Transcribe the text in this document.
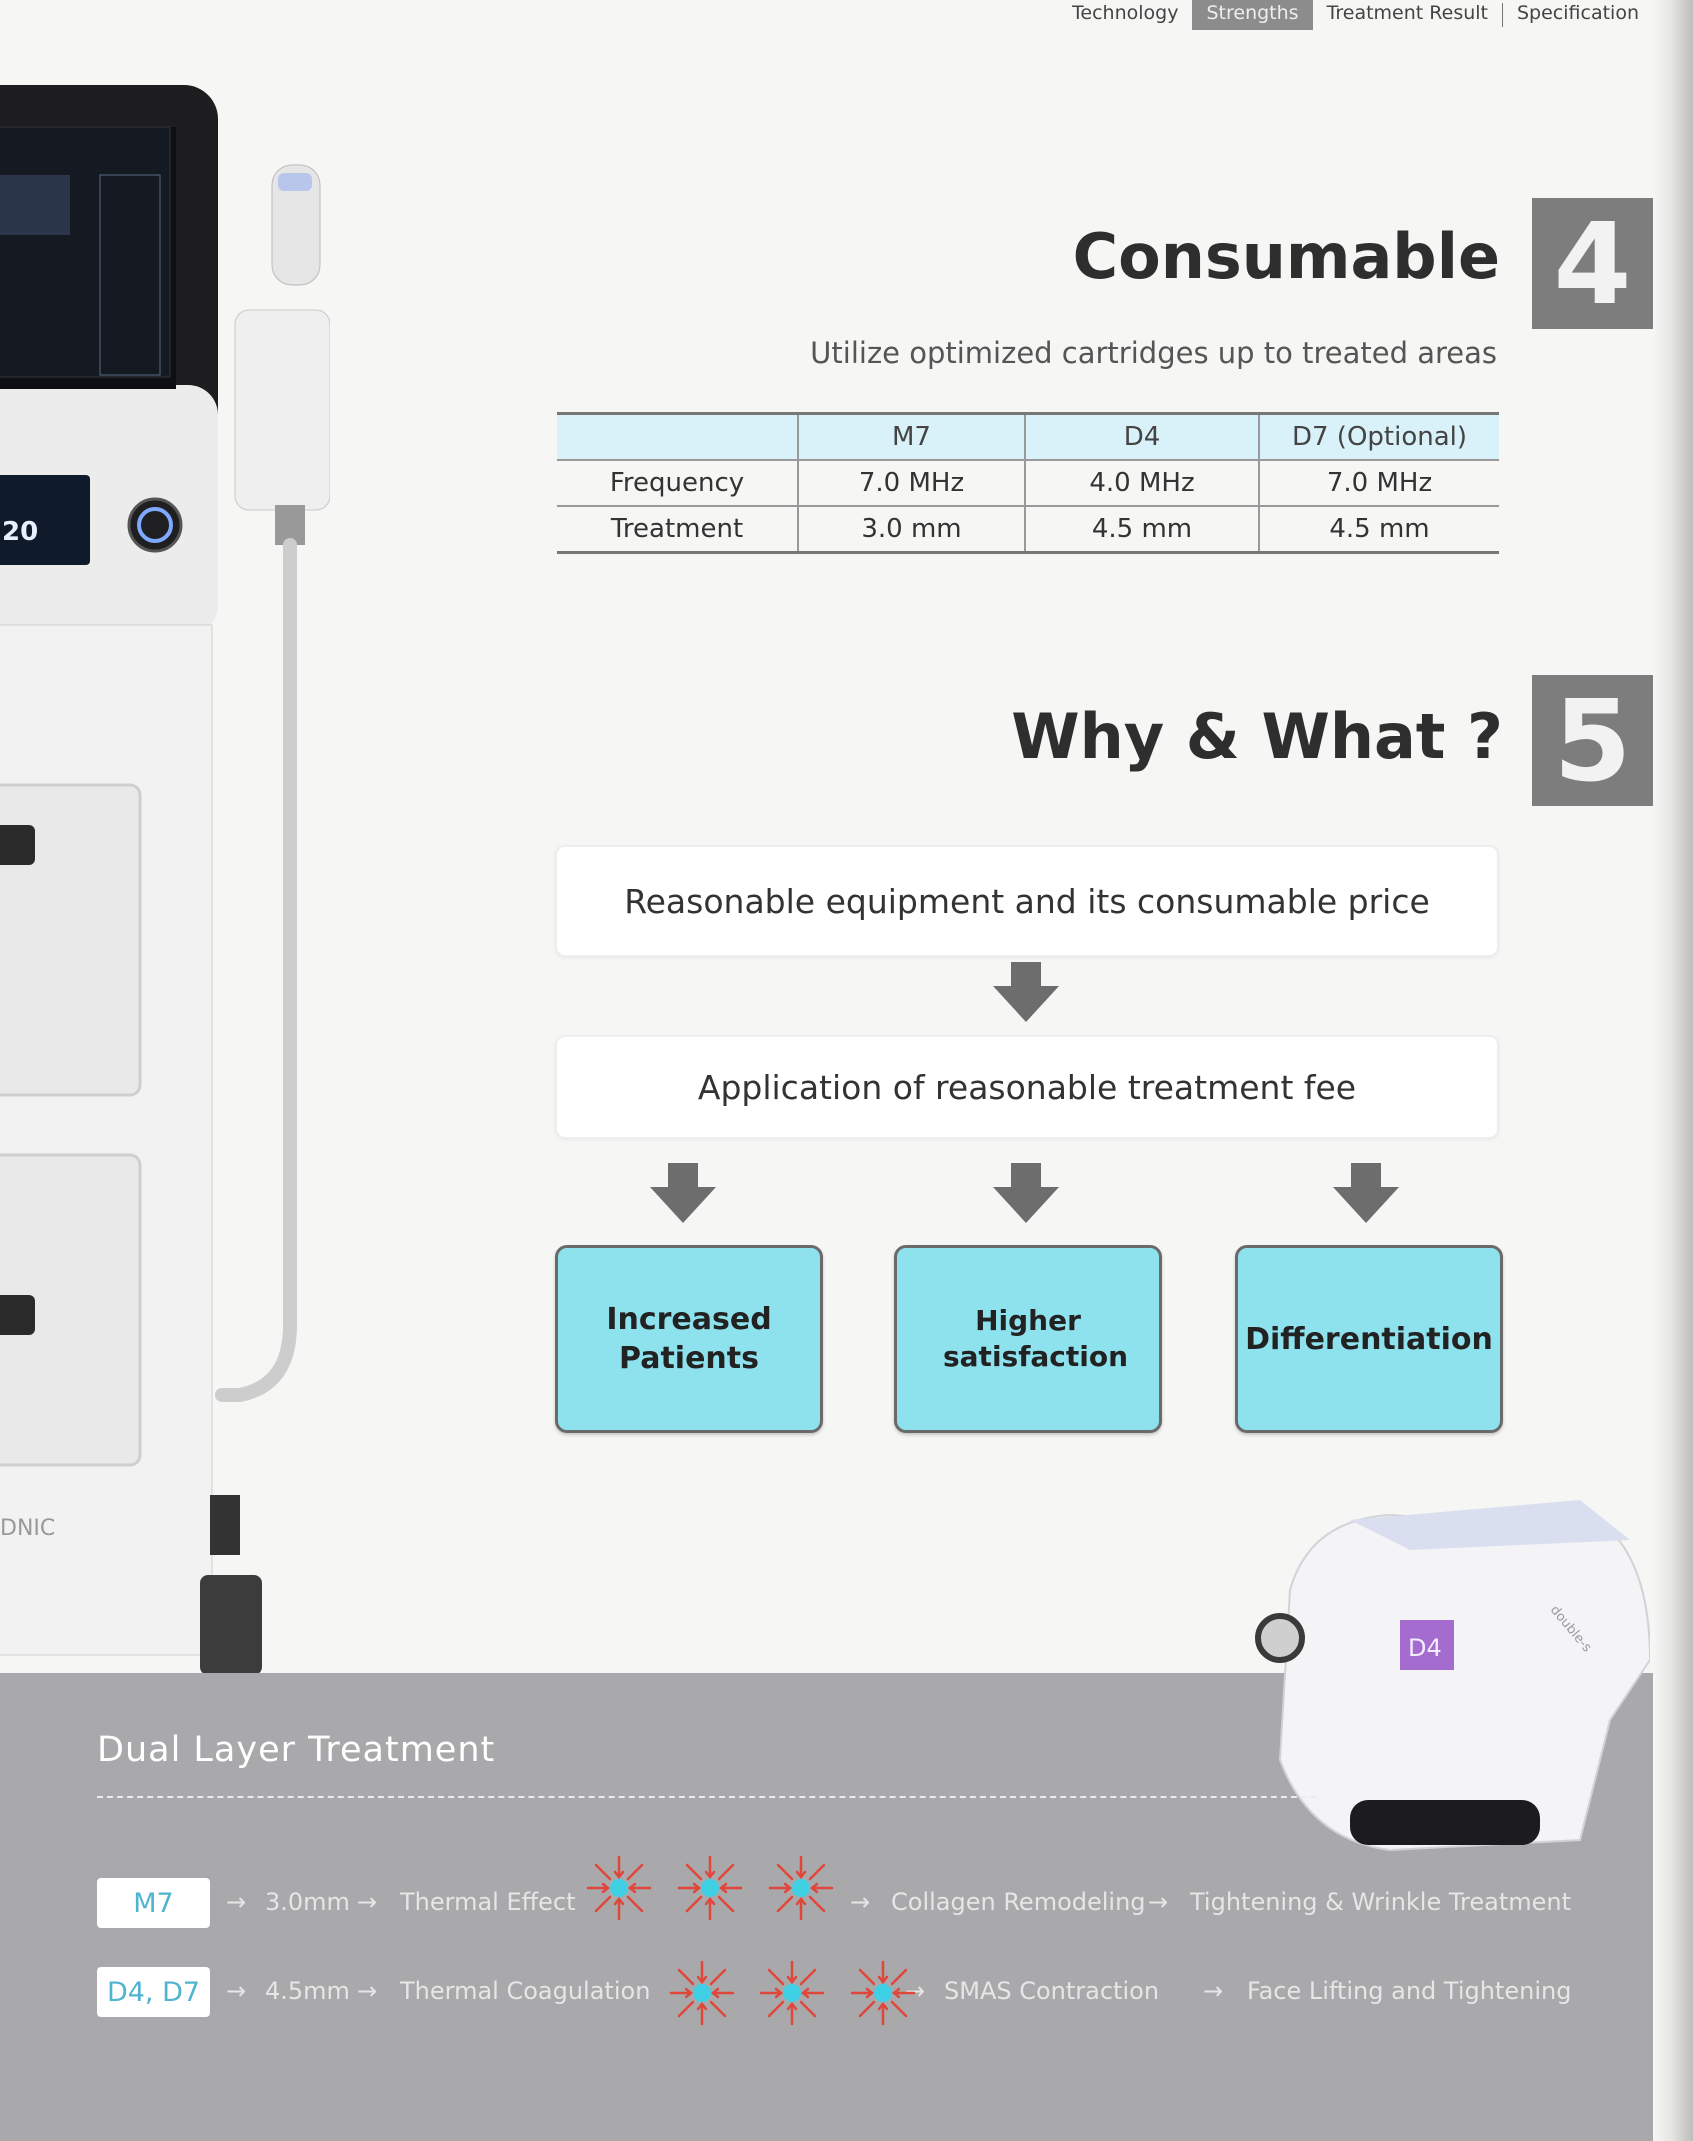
Technology	Strengths	Treatment Result	Specification
20
DNIC
Consumable 4
Utilize optimized cartridges up to treated areas
	M7	D4	D7 (Optional)
Frequency	7.0 MHz	4.0 MHz	7.0 MHz
Treatment	3.0 mm	4.5 mm	4.5 mm
Why & What ? 5
Reasonable equipment and its consumable price
Application of reasonable treatment fee
Increased Patients
Higher satisfaction	Differentiation
D4	double-s
Dual Layer Treatment
M7 → 3.0mm → Thermal Effect	→ Collagen Remodeling → Tightening & Wrinkle Treatment
D4, D7 → 4.5mm → Thermal Coagulation	→ SMAS Contraction → Face Lifting and Tightening
